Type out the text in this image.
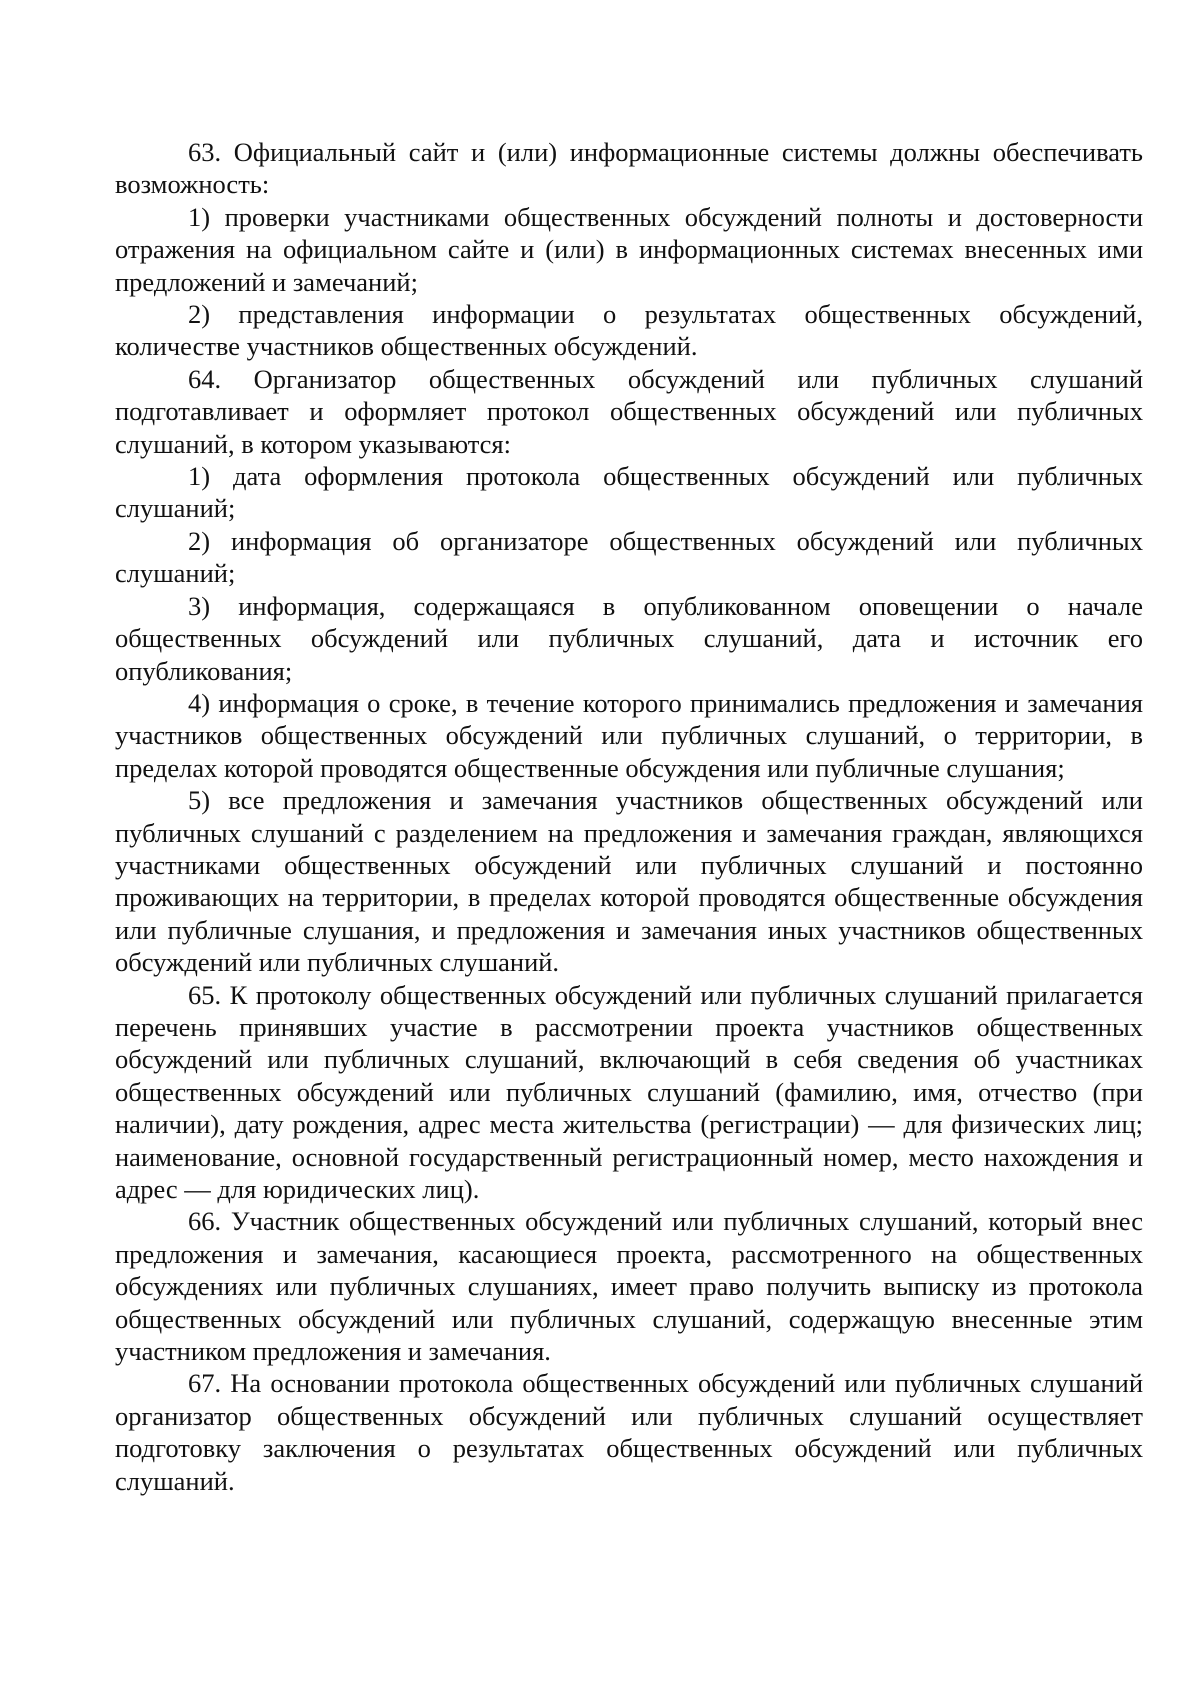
63. Официальный сайт и (или) информационные системы должны обеспечивать возможность:

1) проверки участниками общественных обсуждений полноты и достоверности отражения на официальном сайте и (или) в информационных системах внесенных ими предложений и замечаний;

2) представления информации о результатах общественных обсуждений, количестве участников общественных обсуждений.

64. Организатор общественных обсуждений или публичных слушаний подготавливает и оформляет протокол общественных обсуждений или публичных слушаний, в котором указываются:

1) дата оформления протокола общественных обсуждений или публичных слушаний;

2) информация об организаторе общественных обсуждений или публичных слушаний;

3) информация, содержащаяся в опубликованном оповещении о начале общественных обсуждений или публичных слушаний, дата и источник его опубликования;

4) информация о сроке, в течение которого принимались предложения и замечания участников общественных обсуждений или публичных слушаний, о территории, в пределах которой проводятся общественные обсуждения или публичные слушания;

5) все предложения и замечания участников общественных обсуждений или публичных слушаний с разделением на предложения и замечания граждан, являющихся участниками общественных обсуждений или публичных слушаний и постоянно проживающих на территории, в пределах которой проводятся общественные обсуждения или публичные слушания, и предложения и замечания иных участников общественных обсуждений или публичных слушаний.

65. К протоколу общественных обсуждений или публичных слушаний прилагается перечень принявших участие в рассмотрении проекта участников общественных обсуждений или публичных слушаний, включающий в себя сведения об участниках общественных обсуждений или публичных слушаний (фамилию, имя, отчество (при наличии), дату рождения, адрес места жительства (регистрации) — для физических лиц; наименование, основной государственный регистрационный номер, место нахождения и адрес — для юридических лиц).

66. Участник общественных обсуждений или публичных слушаний, который внес предложения и замечания, касающиеся проекта, рассмотренного на общественных обсуждениях или публичных слушаниях, имеет право получить выписку из протокола общественных обсуждений или публичных слушаний, содержащую внесенные этим участником предложения и замечания.

67. На основании протокола общественных обсуждений или публичных слушаний организатор общественных обсуждений или публичных слушаний осуществляет подготовку заключения о результатах общественных обсуждений или публичных слушаний.
